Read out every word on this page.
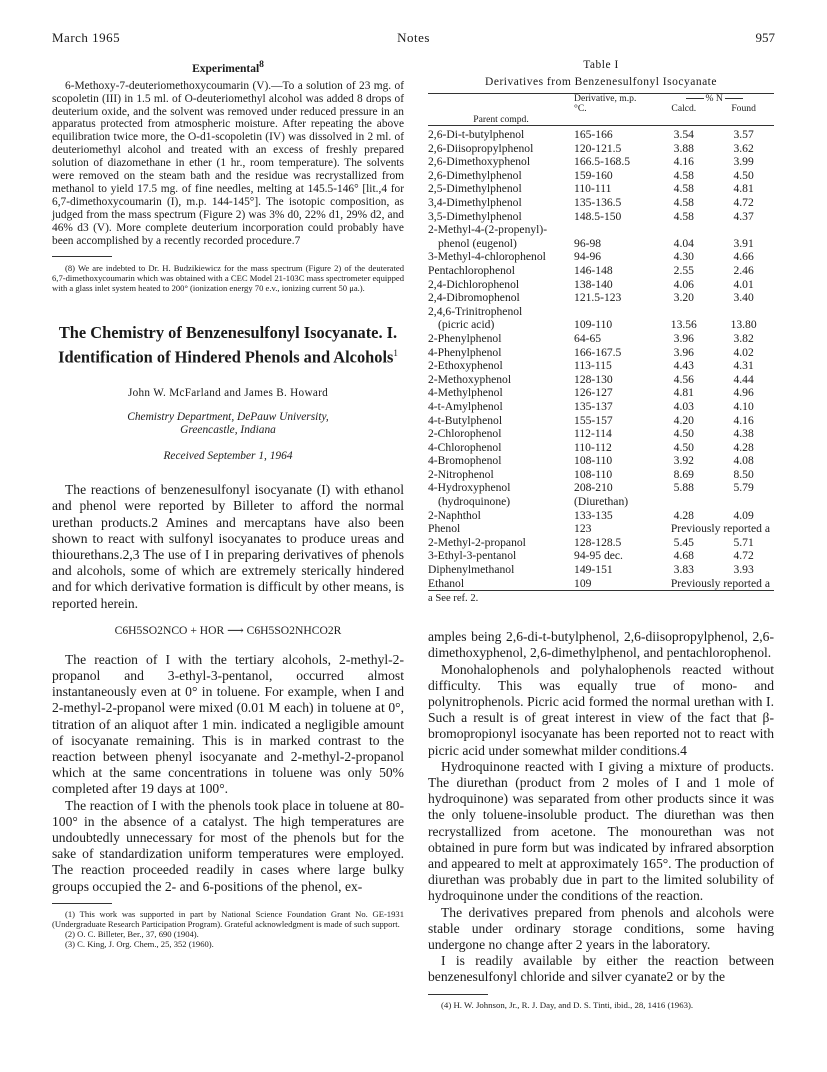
March 1965	Notes	957
Experimental$^8$

6-Methoxy-7-deuteriomethoxycoumarin (V).—To a solution of 23 mg. of scopoletin (III) in 1.5 ml. of O-deuteriomethyl alcohol was added 8 drops of deuterium oxide, and the solvent was removed under reduced pressure in an apparatus protected from atmospheric moisture. After repeating the above equilibration twice more, the O-d1-scopoletin (IV) was dissolved in 2 ml. of deuteriomethyl alcohol and treated with an excess of freshly prepared solution of diazomethane in ether (1 hr., room temperature). The solvents were removed on the steam bath and the residue was recrystallized from methanol to yield 17.5 mg. of fine needles, melting at 145.5-146° [lit.,4 for 6,7-dimethoxycoumarin (I), m.p. 144-145°]. The isotopic composition, as judged from the mass spectrum (Figure 2) was 3% d0, 22% d1, 29% d2, and 46% d3 (V). More complete deuterium incorporation could probably have been accomplished by a recently recorded procedure.7

(8) We are indebted to Dr. H. Budzikiewicz for the mass spectrum (Figure 2) of the deuterated 6,7-dimethoxycoumarin which was obtained with a CEC Model 21-103C mass spectrometer equipped with a glass inlet system heated to 200° (ionization energy 70 e.v., ionizing current 50 μa.).

The Chemistry of Benzenesulfonyl Isocyanate. I. Identification of Hindered Phenols and Alcohols$^1$
John W. McFarland and James B. Howard
Chemistry Department, DePauw University,
Greencastle, Indiana
Received September 1, 1964

The reactions of benzenesulfonyl isocyanate (I) with ethanol and phenol were reported by Billeter to afford the normal urethan products.2 Amines and mercaptans have also been shown to react with sulfonyl isocyanates to produce ureas and thiourethans.2,3 The use of I in preparing derivatives of phenols and alcohols, some of which are extremely sterically hindered and for which derivative formation is difficult by other means, is reported herein.

C6H5SO2NCO + HOR ⟶ C6H5SO2NHCO2R

The reaction of I with the tertiary alcohols, 2-methyl-2-propanol and 3-ethyl-3-pentanol, occurred almost instantaneously even at 0° in toluene. For example, when I and 2-methyl-2-propanol were mixed (0.01 M each) in toluene at 0°, titration of an aliquot after 1 min. indicated a negligible amount of isocyanate remaining. This is in marked contrast to the reaction between phenyl isocyanate and 2-methyl-2-propanol which at the same concentrations in toluene was only 50% completed after 19 days at 100°.

The reaction of I with the phenols took place in toluene at 80-100° in the absence of a catalyst. The high temperatures are undoubtedly unnecessary for most of the phenols but for the sake of standardization uniform temperatures were employed. The reaction proceeded readily in cases where large bulky groups occupied the 2- and 6-positions of the phenol, ex-

(1) This work was supported in part by National Science Foundation Grant No. GE-1931 (Undergraduate Research Participation Program). Grateful acknowledgment is made of such support.

(2) O. C. Billeter, Ber., 37, 690 (1904).

(3) C. King, J. Org. Chem., 25, 352 (1960).

Table I
Derivatives from Benzenesulfonyl Isocyanate
	Derivative, m.p.	% N	
	°C.	Calcd.	Found
Parent compd.			

2,6-Di-t-butylphenol	165-166	3.54	3.57
2,6-Diisopropylphenol	120-121.5	3.88	3.62
2,6-Dimethoxyphenol	166.5-168.5	4.16	3.99
2,6-Dimethylphenol	159-160	4.58	4.50
2,5-Dimethylphenol	110-111	4.58	4.81
3,4-Dimethylphenol	135-136.5	4.58	4.72
3,5-Dimethylphenol	148.5-150	4.58	4.37
2-Methyl-4-(2-propenyl)-			
phenol (eugenol)	96-98	4.04	3.91
3-Methyl-4-chlorophenol	94-96	4.30	4.66
Pentachlorophenol	146-148	2.55	2.46
2,4-Dichlorophenol	138-140	4.06	4.01
2,4-Dibromophenol	121.5-123	3.20	3.40
2,4,6-Trinitrophenol			
(picric acid)	109-110	13.56	13.80
2-Phenylphenol	64-65	3.96	3.82
4-Phenylphenol	166-167.5	3.96	4.02
2-Ethoxyphenol	113-115	4.43	4.31
2-Methoxyphenol	128-130	4.56	4.44
4-Methylphenol	126-127	4.81	4.96
4-t-Amylphenol	135-137	4.03	4.10
4-t-Butylphenol	155-157	4.20	4.16
2-Chlorophenol	112-114	4.50	4.38
4-Chlorophenol	110-112	4.50	4.28
4-Bromophenol	108-110	3.92	4.08
2-Nitrophenol	108-110	8.69	8.50
4-Hydroxyphenol	208-210	5.88	5.79
(hydroquinone)	(Diurethan)		
2-Naphthol	133-135	4.28	4.09
Phenol	123	Previously reported a	
2-Methyl-2-propanol	128-128.5	5.45	5.71
3-Ethyl-3-pentanol	94-95 dec.	4.68	4.72
Diphenylmethanol	149-151	3.83	3.93
Ethanol	109	Previously reported a	
a See ref. 2.

amples being 2,6-di-t-butylphenol, 2,6-diisopropylphenol, 2,6-dimethoxyphenol, 2,6-dimethylphenol, and pentachlorophenol.

Monohalophenols and polyhalophenols reacted without difficulty. This was equally true of mono- and polynitrophenols. Picric acid formed the normal urethan with I. Such a result is of great interest in view of the fact that β-bromopropionyl isocyanate has been reported not to react with picric acid under somewhat milder conditions.4

Hydroquinone reacted with I giving a mixture of products. The diurethan (product from 2 moles of I and 1 mole of hydroquinone) was separated from other products since it was the only toluene-insoluble product. The diurethan was then recrystallized from acetone. The monourethan was not obtained in pure form but was indicated by infrared absorption and appeared to melt at approximately 165°. The production of diurethan was probably due in part to the limited solubility of hydroquinone under the conditions of the reaction.

The derivatives prepared from phenols and alcohols were stable under ordinary storage conditions, some having undergone no change after 2 years in the laboratory.

I is readily available by either the reaction between benzenesulfonyl chloride and silver cyanate2 or by the

(4) H. W. Johnson, Jr., R. J. Day, and D. S. Tinti, ibid., 28, 1416 (1963).
